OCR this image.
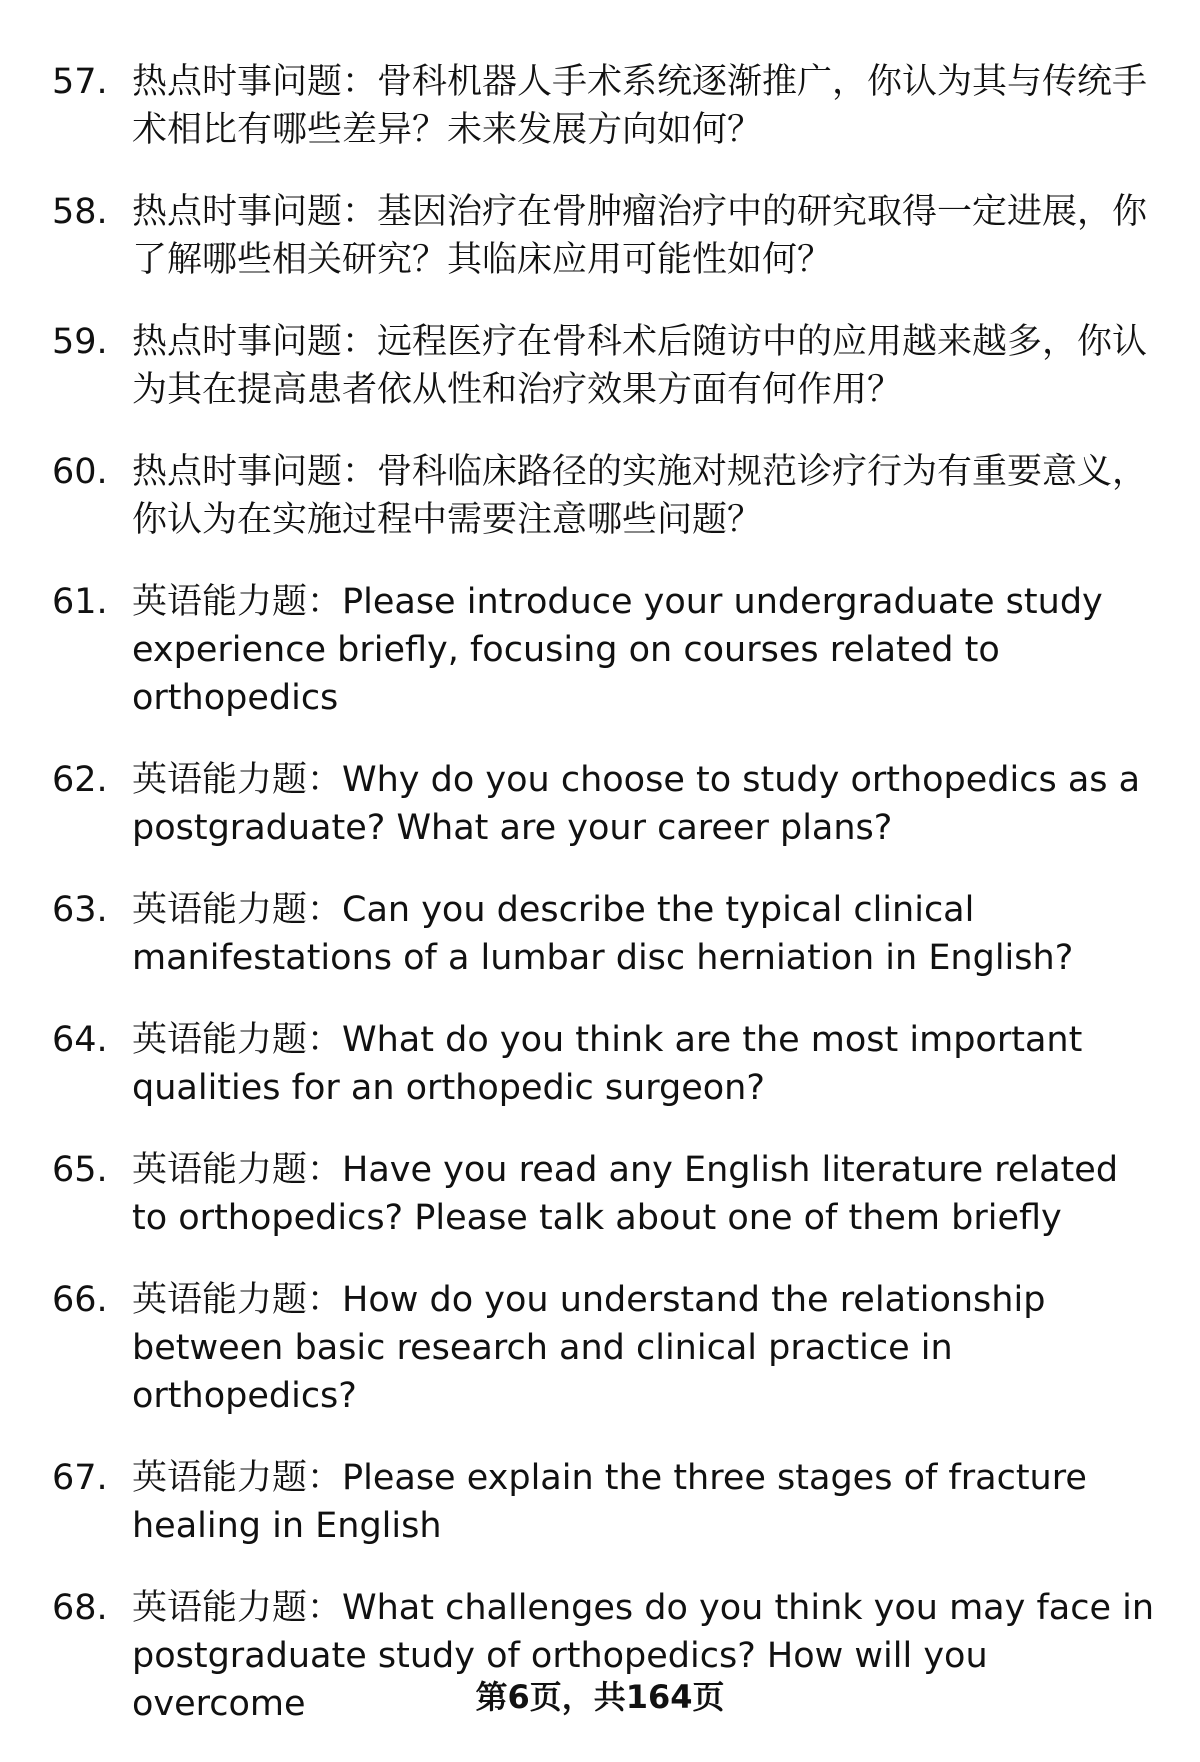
57. 热点时事问题：骨科机器人手术系统逐渐推广，你认为其与传统手术相比有哪些差异？未来发展方向如何？
58. 热点时事问题：基因治疗在骨肿瘤治疗中的研究取得一定进展，你了解哪些相关研究？其临床应用可能性如何？
59. 热点时事问题：远程医疗在骨科术后随访中的应用越来越多，你认为其在提高患者依从性和治疗效果方面有何作用？
60. 热点时事问题：骨科临床路径的实施对规范诊疗行为有重要意义，你认为在实施过程中需要注意哪些问题？
61. 英语能力题：Please introduce your undergraduate study experience briefly, focusing on courses related to orthopedics
62. 英语能力题：Why do you choose to study orthopedics as a postgraduate? What are your career plans?
63. 英语能力题：Can you describe the typical clinical manifestations of a lumbar disc herniation in English?
64. 英语能力题：What do you think are the most important qualities for an orthopedic surgeon?
65. 英语能力题：Have you read any English literature related to orthopedics? Please talk about one of them briefly
66. 英语能力题：How do you understand the relationship between basic research and clinical practice in orthopedics?
67. 英语能力题：Please explain the three stages of fracture healing in English
68. 英语能力题：What challenges do you think you may face in postgraduate study of orthopedics? How will you overcome	第6页，共164页
